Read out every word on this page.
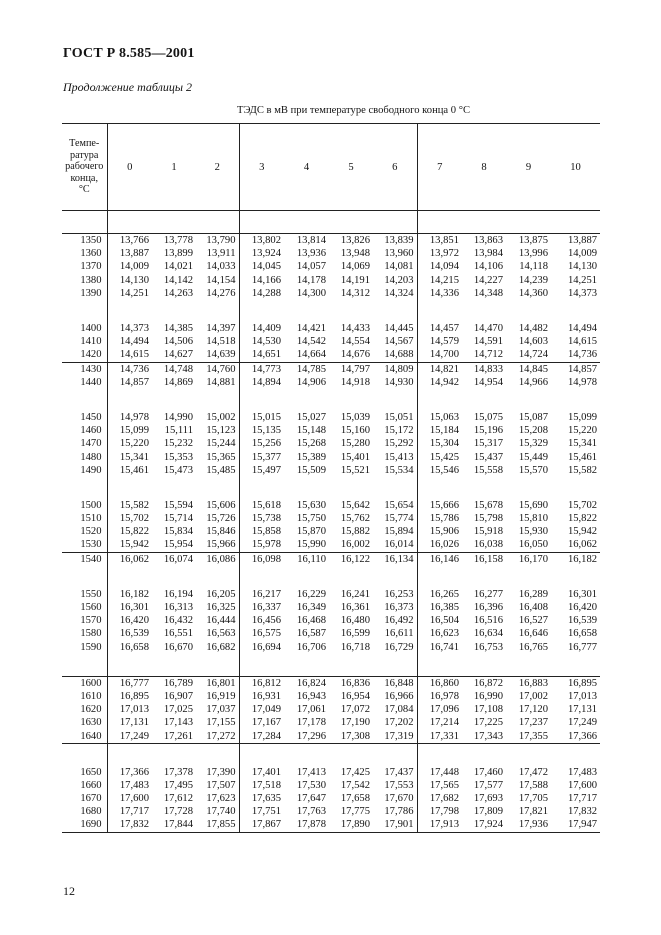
ГОСТ Р 8.585—2001
Продолжение таблицы 2
	ТЭДС в мВ при температуре свободного конца 0 °С										
Темпе-
ратура
рабочего
конца,
°С	0	1	2	3	4	5	6	7	8	9	10

1350	13,766	13,778	13,790	13,802	13,814	13,826	13,839	13,851	13,863	13,875	13,887
1360	13,887	13,899	13,911	13,924	13,936	13,948	13,960	13,972	13,984	13,996	14,009
1370	14,009	14,021	14,033	14,045	14,057	14,069	14,081	14,094	14,106	14,118	14,130
1380	14,130	14,142	14,154	14,166	14,178	14,191	14,203	14,215	14,227	14,239	14,251
1390	14,251	14,263	14,276	14,288	14,300	14,312	14,324	14,336	14,348	14,360	14,373

1400	14,373	14,385	14,397	14,409	14,421	14,433	14,445	14,457	14,470	14,482	14,494
1410	14,494	14,506	14,518	14,530	14,542	14,554	14,567	14,579	14,591	14,603	14,615
1420	14,615	14,627	14,639	14,651	14,664	14,676	14,688	14,700	14,712	14,724	14,736
1430	14,736	14,748	14,760	14,773	14,785	14,797	14,809	14,821	14,833	14,845	14,857
1440	14,857	14,869	14,881	14,894	14,906	14,918	14,930	14,942	14,954	14,966	14,978

1450	14,978	14,990	15,002	15,015	15,027	15,039	15,051	15,063	15,075	15,087	15,099
1460	15,099	15,111	15,123	15,135	15,148	15,160	15,172	15,184	15,196	15,208	15,220
1470	15,220	15,232	15,244	15,256	15,268	15,280	15,292	15,304	15,317	15,329	15,341
1480	15,341	15,353	15,365	15,377	15,389	15,401	15,413	15,425	15,437	15,449	15,461
1490	15,461	15,473	15,485	15,497	15,509	15,521	15,534	15,546	15,558	15,570	15,582

1500	15,582	15,594	15,606	15,618	15,630	15,642	15,654	15,666	15,678	15,690	15,702
1510	15,702	15,714	15,726	15,738	15,750	15,762	15,774	15,786	15,798	15,810	15,822
1520	15,822	15,834	15,846	15,858	15,870	15,882	15,894	15,906	15,918	15,930	15,942
1530	15,942	15,954	15,966	15,978	15,990	16,002	16,014	16,026	16,038	16,050	16,062
1540	16,062	16,074	16,086	16,098	16,110	16,122	16,134	16,146	16,158	16,170	16,182

1550	16,182	16,194	16,205	16,217	16,229	16,241	16,253	16,265	16,277	16,289	16,301
1560	16,301	16,313	16,325	16,337	16,349	16,361	16,373	16,385	16,396	16,408	16,420
1570	16,420	16,432	16,444	16,456	16,468	16,480	16,492	16,504	16,516	16,527	16,539
1580	16,539	16,551	16,563	16,575	16,587	16,599	16,611	16,623	16,634	16,646	16,658
1590	16,658	16,670	16,682	16,694	16,706	16,718	16,729	16,741	16,753	16,765	16,777

1600	16,777	16,789	16,801	16,812	16,824	16,836	16,848	16,860	16,872	16,883	16,895
1610	16,895	16,907	16,919	16,931	16,943	16,954	16,966	16,978	16,990	17,002	17,013
1620	17,013	17,025	17,037	17,049	17,061	17,072	17,084	17,096	17,108	17,120	17,131
1630	17,131	17,143	17,155	17,167	17,178	17,190	17,202	17,214	17,225	17,237	17,249
1640	17,249	17,261	17,272	17,284	17,296	17,308	17,319	17,331	17,343	17,355	17,366

1650	17,366	17,378	17,390	17,401	17,413	17,425	17,437	17,448	17,460	17,472	17,483
1660	17,483	17,495	17,507	17,518	17,530	17,542	17,553	17,565	17,577	17,588	17,600
1670	17,600	17,612	17,623	17,635	17,647	17,658	17,670	17,682	17,693	17,705	17,717
1680	17,717	17,728	17,740	17,751	17,763	17,775	17,786	17,798	17,809	17,821	17,832
1690	17,832	17,844	17,855	17,867	17,878	17,890	17,901	17,913	17,924	17,936	17,947
12
